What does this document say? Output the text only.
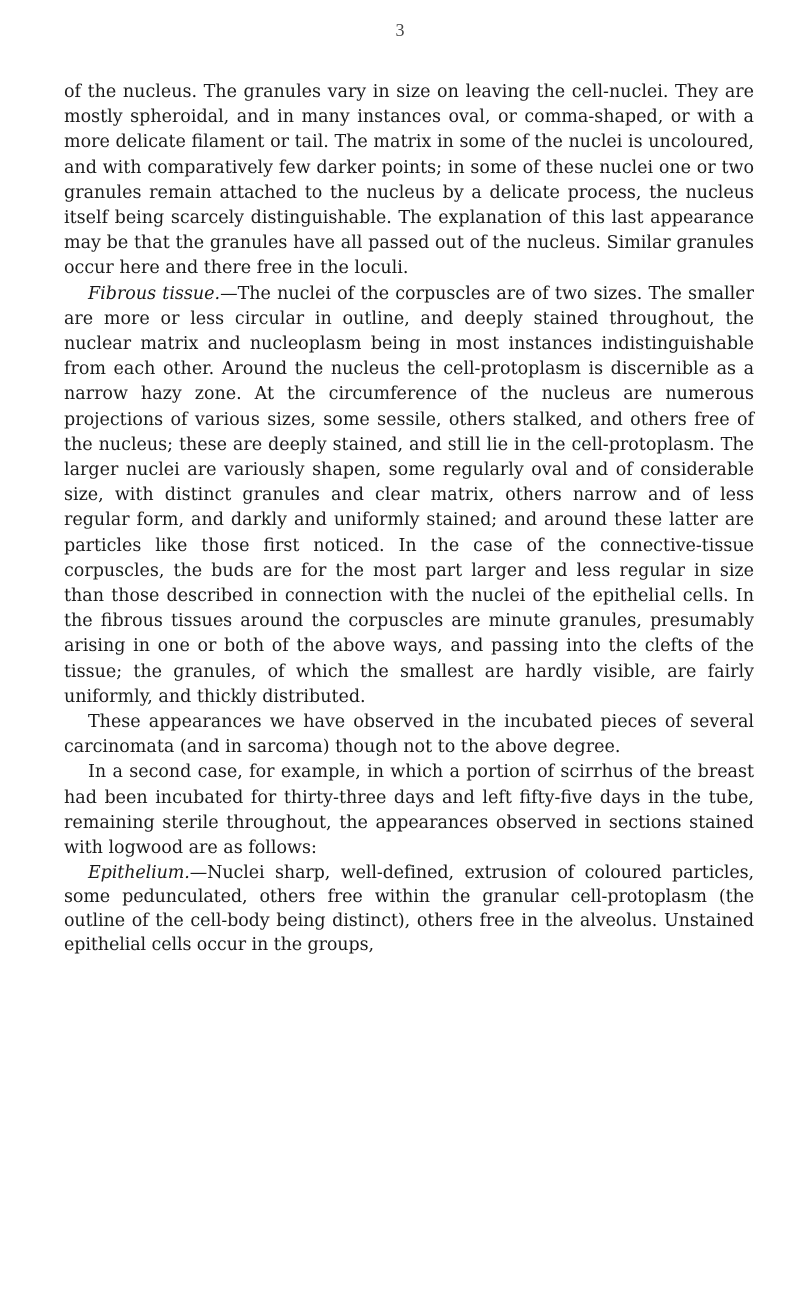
3

of the nucleus. The granules vary in size on leaving the cell-nuclei. They are mostly spheroidal, and in many instances oval, or comma-shaped, or with a more delicate filament or tail. The matrix in some of the nuclei is uncoloured, and with comparatively few darker points; in some of these nuclei one or two granules remain attached to the nucleus by a delicate process, the nucleus itself being scarcely distinguishable. The explanation of this last appearance may be that the granules have all passed out of the nucleus. Similar granules occur here and there free in the loculi.

Fibrous tissue.—The nuclei of the corpuscles are of two sizes. The smaller are more or less circular in outline, and deeply stained throughout, the nuclear matrix and nucleoplasm being in most instances indistinguishable from each other. Around the nucleus the cell-protoplasm is discernible as a narrow hazy zone. At the circumference of the nucleus are numerous projections of various sizes, some sessile, others stalked, and others free of the nucleus; these are deeply stained, and still lie in the cell-protoplasm. The larger nuclei are variously shapen, some regularly oval and of considerable size, with distinct granules and clear matrix, others narrow and of less regular form, and darkly and uniformly stained; and around these latter are particles like those first noticed. In the case of the connective-tissue corpuscles, the buds are for the most part larger and less regular in size than those described in connection with the nuclei of the epithelial cells. In the fibrous tissues around the corpuscles are minute granules, presumably arising in one or both of the above ways, and passing into the clefts of the tissue; the granules, of which the smallest are hardly visible, are fairly uniformly, and thickly distributed.

These appearances we have observed in the incubated pieces of several carcinomata (and in sarcoma) though not to the above degree.

In a second case, for example, in which a portion of scirrhus of the breast had been incubated for thirty-three days and left fifty-five days in the tube, remaining sterile throughout, the appearances observed in sections stained with logwood are as follows:

Epithelium.—Nuclei sharp, well-defined, extrusion of coloured particles, some pedunculated, others free within the granular cell-protoplasm (the outline of the cell-body being distinct), others free in the alveolus. Unstained epithelial cells occur in the groups,
